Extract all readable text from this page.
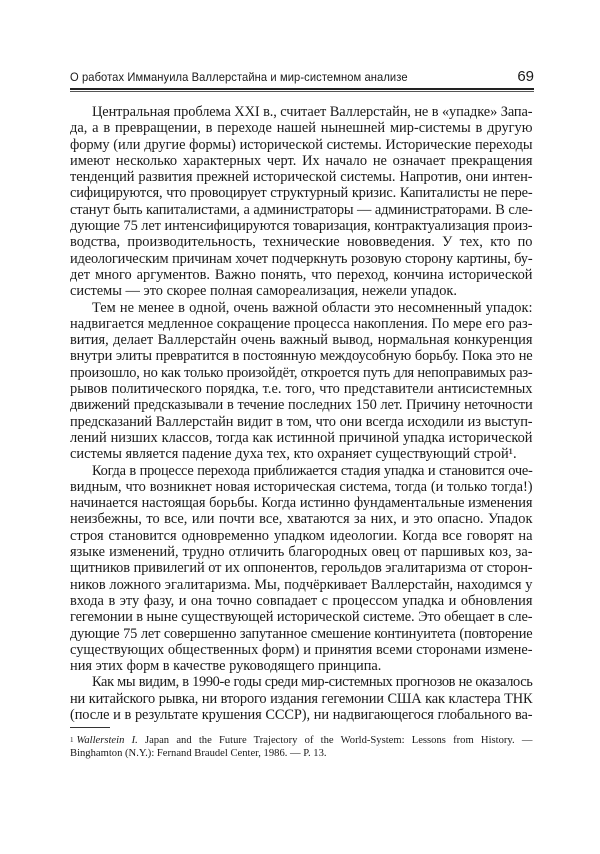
О работах Иммануила Валлерстайна и мир-системном анализе	69
Центральная проблема XXI в., считает Валлерстайн, не в «упадке» Запа-
да, а в превращении, в переходе нашей нынешней мир-системы в другую
форму (или другие формы) исторической системы. Исторические переходы
имеют несколько характерных черт. Их начало не означает прекращения
тенденций развития прежней исторической системы. Напротив, они интен-
сифицируются, что провоцирует структурный кризис. Капиталисты не пере-
станут быть капиталистами, а администраторы — администраторами. В сле-
дующие 75 лет интенсифицируются товаризация, контрактуализация произ-
водства, производительность, технические нововведения. У тех, кто по
идеологическим причинам хочет подчеркнуть розовую сторону картины, бу-
дет много аргументов. Важно понять, что переход, кончина исторической
системы — это скорее полная самореализация, нежели упадок.
Тем не менее в одной, очень важной области это несомненный упадок:
надвигается медленное сокращение процесса накопления. По мере его раз-
вития, делает Валлерстайн очень важный вывод, нормальная конкуренция
внутри элиты превратится в постоянную междоусобную борьбу. Пока это не
произошло, но как только произойдёт, откроется путь для непоправимых раз-
рывов политического порядка, т.е. того, что представители антисистемных
движений предсказывали в течение последних 150 лет. Причину неточности
предсказаний Валлерстайн видит в том, что они всегда исходили из выступ-
лений низших классов, тогда как истинной причиной упадка исторической
системы является падение духа тех, кто охраняет существующий строй¹.
Когда в процессе перехода приближается стадия упадка и становится оче-
видным, что возникнет новая историческая система, тогда (и только тогда!)
начинается настоящая борьбы. Когда истинно фундаментальные изменения
неизбежны, то все, или почти все, хватаются за них, и это опасно. Упадок
строя становится одновременно упадком идеологии. Когда все говорят на
языке изменений, трудно отличить благородных овец от паршивых коз, за-
щитников привилегий от их оппонентов, герольдов эгалитаризма от сторон-
ников ложного эгалитаризма. Мы, подчёркивает Валлерстайн, находимся у
входа в эту фазу, и она точно совпадает с процессом упадка и обновления
гегемонии в ныне существующей исторической системе. Это обещает в сле-
дующие 75 лет совершенно запутанное смешение континуитета (повторение
существующих общественных форм) и принятия всеми сторонами измене-
ния этих форм в качестве руководящего принципа.
Как мы видим, в 1990-е годы среди мир-системных прогнозов не оказалось
ни китайского рывка, ни второго издания гегемонии США как кластера ТНК
(после и в результате крушения СССР), ни надвигающегося глобального ва-
$^1$ Wallerstein I. Japan and the Future Trajectory of the World-System: Lessons from History. —
Binghamton (N.Y.): Fernand Braudel Center, 1986. — P. 13.
